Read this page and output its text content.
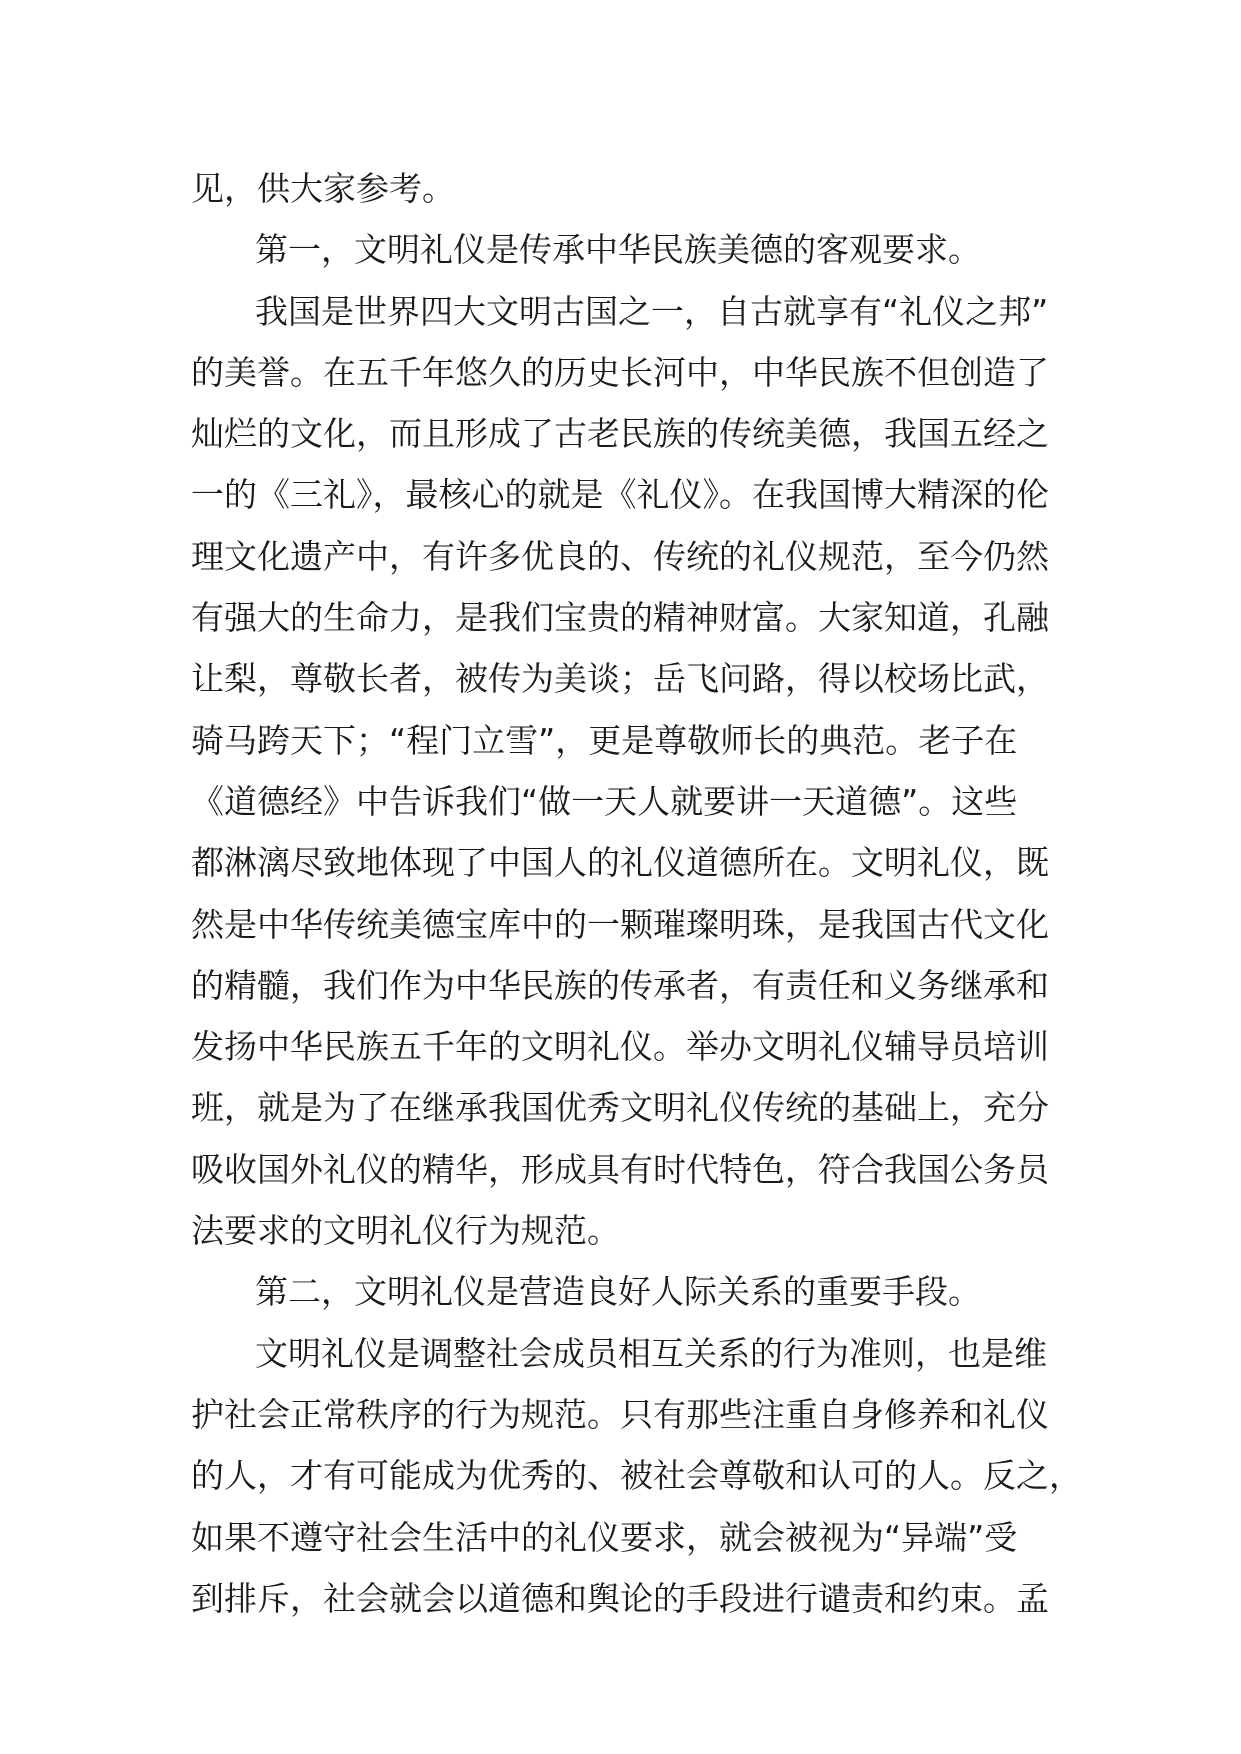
见，供大家参考。
第一，文明礼仪是传承中华民族美德的客观要求。
我国是世界四大文明古国之一，自古就享有“礼仪之邦”
的美誉。在五千年悠久的历史长河中，中华民族不但创造了
灿烂的文化，而且形成了古老民族的传统美德，我国五经之
一的《三礼》，最核心的就是《礼仪》。在我国博大精深的伦
理文化遗产中，有许多优良的、传统的礼仪规范，至今仍然
有强大的生命力，是我们宝贵的精神财富。大家知道，孔融
让梨，尊敬长者，被传为美谈；岳飞问路，得以校场比武，
骑马跨天下；“程门立雪”，更是尊敬师长的典范。老子在
《道德经》中告诉我们“做一天人就要讲一天道德”。这些
都淋漓尽致地体现了中国人的礼仪道德所在。文明礼仪，既
然是中华传统美德宝库中的一颗璀璨明珠，是我国古代文化
的精髓，我们作为中华民族的传承者，有责任和义务继承和
发扬中华民族五千年的文明礼仪。举办文明礼仪辅导员培训
班，就是为了在继承我国优秀文明礼仪传统的基础上，充分
吸收国外礼仪的精华，形成具有时代特色，符合我国公务员
法要求的文明礼仪行为规范。
第二，文明礼仪是营造良好人际关系的重要手段。
文明礼仪是调整社会成员相互关系的行为准则，也是维
护社会正常秩序的行为规范。只有那些注重自身修养和礼仪
的人，才有可能成为优秀的、被社会尊敬和认可的人。反之，
如果不遵守社会生活中的礼仪要求，就会被视为“异端”受
到排斥，社会就会以道德和舆论的手段进行谴责和约束。孟
